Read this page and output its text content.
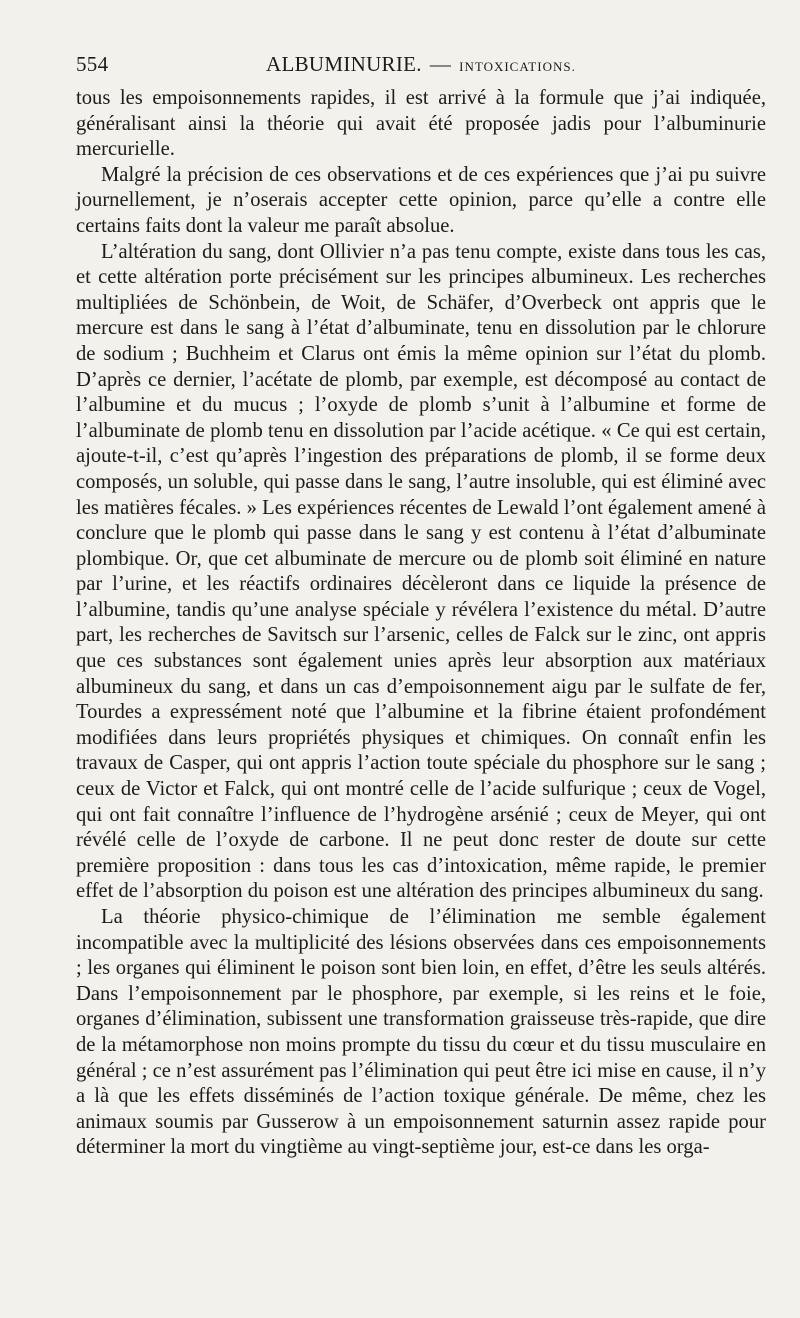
554	ALBUMINURIE. — INTOXICATIONS.

tous les empoisonnements rapides, il est arrivé à la formule que j’ai indiquée, généralisant ainsi la théorie qui avait été proposée jadis pour l’albuminurie mercurielle.

Malgré la précision de ces observations et de ces expériences que j’ai pu suivre journellement, je n’oserais accepter cette opinion, parce qu’elle a contre elle certains faits dont la valeur me paraît absolue.

L’altération du sang, dont Ollivier n’a pas tenu compte, existe dans tous les cas, et cette altération porte précisément sur les principes albumineux. Les recherches multipliées de Schönbein, de Woit, de Schäfer, d’Overbeck ont appris que le mercure est dans le sang à l’état d’albuminate, tenu en dissolution par le chlorure de sodium ; Buchheim et Clarus ont émis la même opinion sur l’état du plomb. D’après ce dernier, l’acétate de plomb, par exemple, est décomposé au contact de l’albumine et du mucus ; l’oxyde de plomb s’unit à l’albumine et forme de l’albuminate de plomb tenu en dissolution par l’acide acétique. « Ce qui est certain, ajoute-t-il, c’est qu’après l’ingestion des préparations de plomb, il se forme deux composés, un soluble, qui passe dans le sang, l’autre insoluble, qui est éliminé avec les matières fécales. » Les expériences récentes de Lewald l’ont également amené à conclure que le plomb qui passe dans le sang y est contenu à l’état d’albuminate plombique. Or, que cet albuminate de mercure ou de plomb soit éliminé en nature par l’urine, et les réactifs ordinaires décèleront dans ce liquide la présence de l’albumine, tandis qu’une analyse spéciale y révélera l’existence du métal. D’autre part, les recherches de Savitsch sur l’arsenic, celles de Falck sur le zinc, ont appris que ces substances sont également unies après leur absorption aux matériaux albumineux du sang, et dans un cas d’empoisonnement aigu par le sulfate de fer, Tourdes a expressément noté que l’albumine et la fibrine étaient profondément modifiées dans leurs propriétés physiques et chimiques. On connaît enfin les travaux de Casper, qui ont appris l’action toute spéciale du phosphore sur le sang ; ceux de Victor et Falck, qui ont montré celle de l’acide sulfurique ; ceux de Vogel, qui ont fait connaître l’influence de l’hydrogène arsénié ; ceux de Meyer, qui ont révélé celle de l’oxyde de carbone. Il ne peut donc rester de doute sur cette première proposition : dans tous les cas d’intoxication, même rapide, le premier effet de l’absorption du poison est une altération des principes albumineux du sang.

La théorie physico-chimique de l’élimination me semble également incompatible avec la multiplicité des lésions observées dans ces empoisonnements ; les organes qui éliminent le poison sont bien loin, en effet, d’être les seuls altérés. Dans l’empoisonnement par le phosphore, par exemple, si les reins et le foie, organes d’élimination, subissent une transformation graisseuse très-rapide, que dire de la métamorphose non moins prompte du tissu du cœur et du tissu musculaire en général ; ce n’est assurément pas l’élimination qui peut être ici mise en cause, il n’y a là que les effets disséminés de l’action toxique générale. De même, chez les animaux soumis par Gusserow à un empoisonnement saturnin assez rapide pour déterminer la mort du vingtième au vingt-septième jour, est-ce dans les orga-
